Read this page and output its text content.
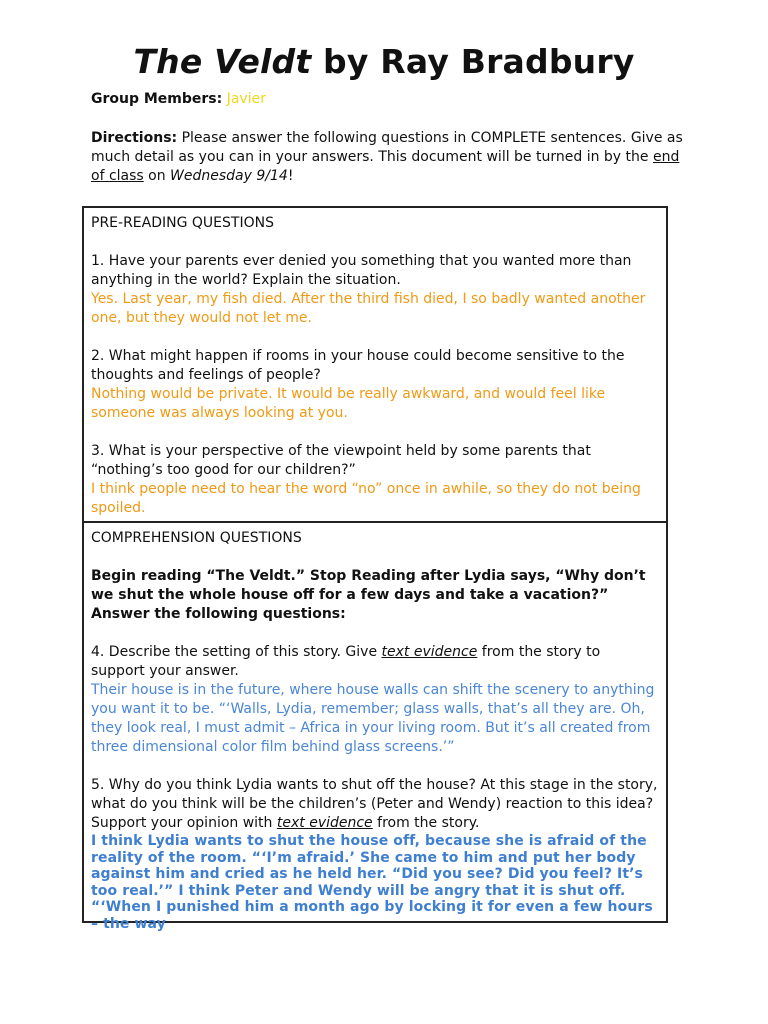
The Veldt by Ray Bradbury
Group Members: Javier
Directions: Please answer the following questions in COMPLETE sentences. Give as much detail as you can in your answers. This document will be turned in by the end of class on Wednesday 9/14!
PRE-READING QUESTIONS

1. Have your parents ever denied you something that you wanted more than anything in the world? Explain the situation.
Yes. Last year, my fish died. After the third fish died, I so badly wanted another one, but they would not let me.

2. What might happen if rooms in your house could become sensitive to the thoughts and feelings of people?
Nothing would be private. It would be really awkward, and would feel like someone was always looking at you.

3. What is your perspective of the viewpoint held by some parents that “nothing’s too good for our children?”
I think people need to hear the word “no” once in awhile, so they do not being spoiled.

COMPREHENSION QUESTIONS

Begin reading “The Veldt.” Stop Reading after Lydia says, “Why don’t we shut the whole house off for a few days and take a vacation?” Answer the following questions:

4. Describe the setting of this story. Give text evidence from the story to support your answer.
Their house is in the future, where house walls can shift the scenery to anything you want it to be. “‘Walls, Lydia, remember; glass walls, that’s all they are. Oh, they look real, I must admit – Africa in your living room. But it’s all created from three dimensional color film behind glass screens.’”

5. Why do you think Lydia wants to shut off the house? At this stage in the story, what do you think will be the children’s (Peter and Wendy) reaction to this idea? Support your opinion with text evidence from the story.

I think Lydia wants to shut the house off, because she is afraid of the reality of the room. “‘I’m afraid.’ She came to him and put her body against him and cried as he held her. “Did you see? Did you feel? It’s too real.’” I think Peter and Wendy will be angry that it is shut off. “‘When I punished him a month ago by locking it for even a few hours – the way
